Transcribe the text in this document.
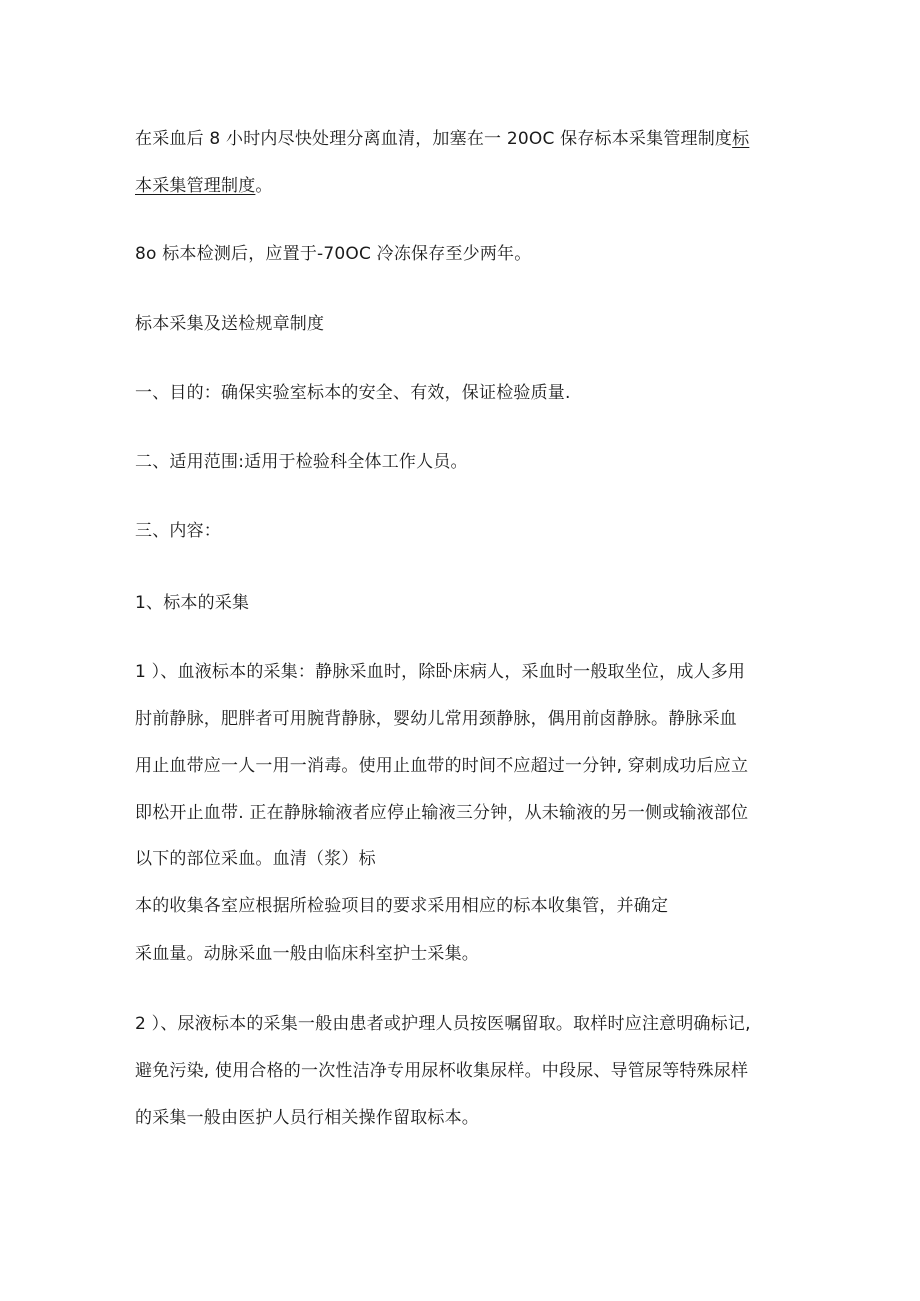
在采血后 8 小时内尽快处理分离血清，加塞在一 20OC 保存标本采集管理制度标
本采集管理制度。
8o 标本检测后，应置于-70OC 冷冻保存至少两年。
标本采集及送检规章制度
一、目的：确保实验室标本的安全、有效，保证检验质量.
二、适用范围:适用于检验科全体工作人员。
三、内容：
1、标本的采集
1 ）、血液标本的采集：静脉采血时，除卧床病人，采血时一般取坐位，成人多用
肘前静脉，肥胖者可用腕背静脉，婴幼儿常用颈静脉，偶用前卤静脉。静脉采血
用止血带应一人一用一消毒。使用止血带的时间不应超过一分钟, 穿刺成功后应立
即松开止血带. 正在静脉输液者应停止输液三分钟，从未输液的另一侧或输液部位
以下的部位采血。血清（浆）标
本的收集各室应根据所检验项目的要求采用相应的标本收集管，并确定
采血量。动脉采血一般由临床科室护士采集。
2 ）、尿液标本的采集一般由患者或护理人员按医嘱留取。取样时应注意明确标记,
避免污染, 使用合格的一次性洁净专用尿杯收集尿样。中段尿、导管尿等特殊尿样
的采集一般由医护人员行相关操作留取标本。
